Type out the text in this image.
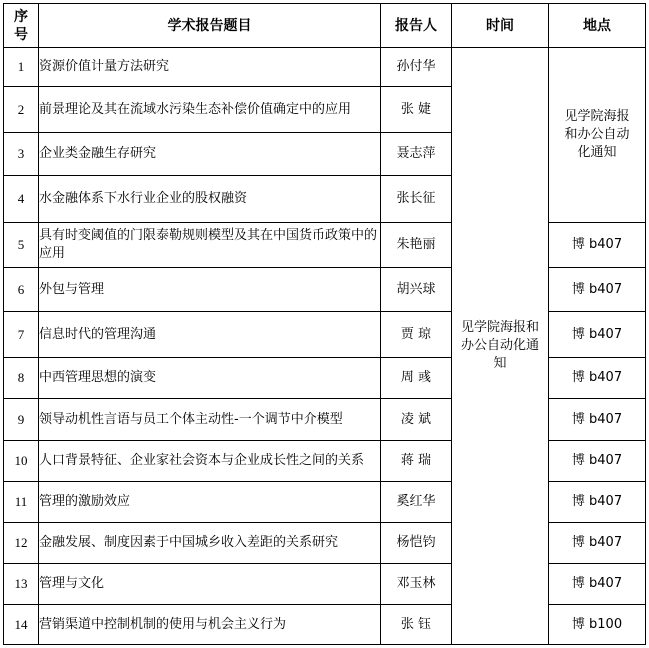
序号	学术报告题目	报告人	时间	地点
1	资源价值计量方法研究	孙付华	见学院海报和办公自动化通知	见学院海报和办公自动化通知
2	前景理论及其在流域水污染生态补偿价值确定中的应用	张 婕		
3	企业类金融生存研究	聂志萍		
4	水金融体系下水行业企业的股权融资	张长征		
5	具有时变阈值的门限泰勒规则模型及其在中国货币政策中的应用	朱艳丽		博 b407
6	外包与管理	胡兴球		博 b407
7	信息时代的管理沟通	贾 琼		博 b407
8	中西管理思想的演变	周 彧		博 b407
9	领导动机性言语与员工个体主动性-一个调节中介模型	凌 斌		博 b407
10	人口背景特征、企业家社会资本与企业成长性之间的关系	蒋 瑞		博 b407
11	管理的激励效应	奚红华		博 b407
12	金融发展、制度因素于中国城乡收入差距的关系研究	杨恺钧		博 b407
13	管理与文化	邓玉林		博 b407
14	营销渠道中控制机制的使用与机会主义行为	张 钰		博 b100
